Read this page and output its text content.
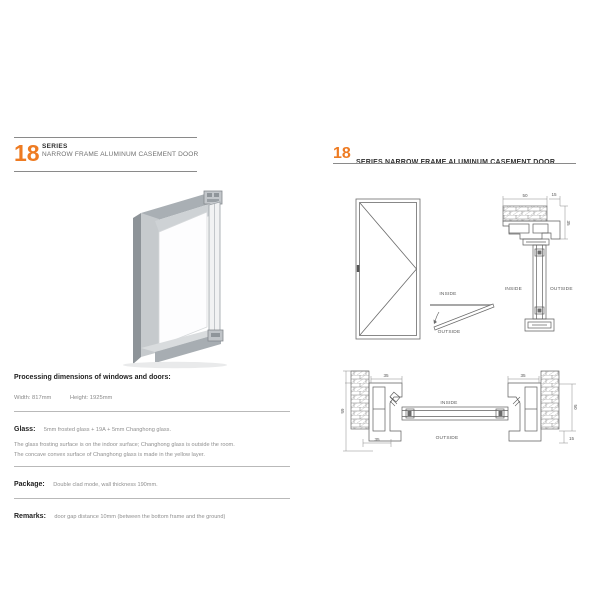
18 SERIES
NARROW FRAME ALUMINUM CASEMENT DOOR
Processing dimensions of windows and doors:
Width: 817mm	Height: 1925mm
Glass: 5mm frosted glass + 19A + 5mm Changhong glass.
The glass frosting surface is on the indoor surface; Changhong glass is outside the room.
The concave convex surface of Changhong glass is made in the yellow layer.
Package: Double clad mode, wall thickness 190mm.
Remarks: door gap distance 10mm (between the bottom frame and the ground)
18
INSIDE
OUTSIDE
50	15
35
INSIDE	OUTSIDE
65
35	35
50
15
35
INSIDE
OUTSIDE
